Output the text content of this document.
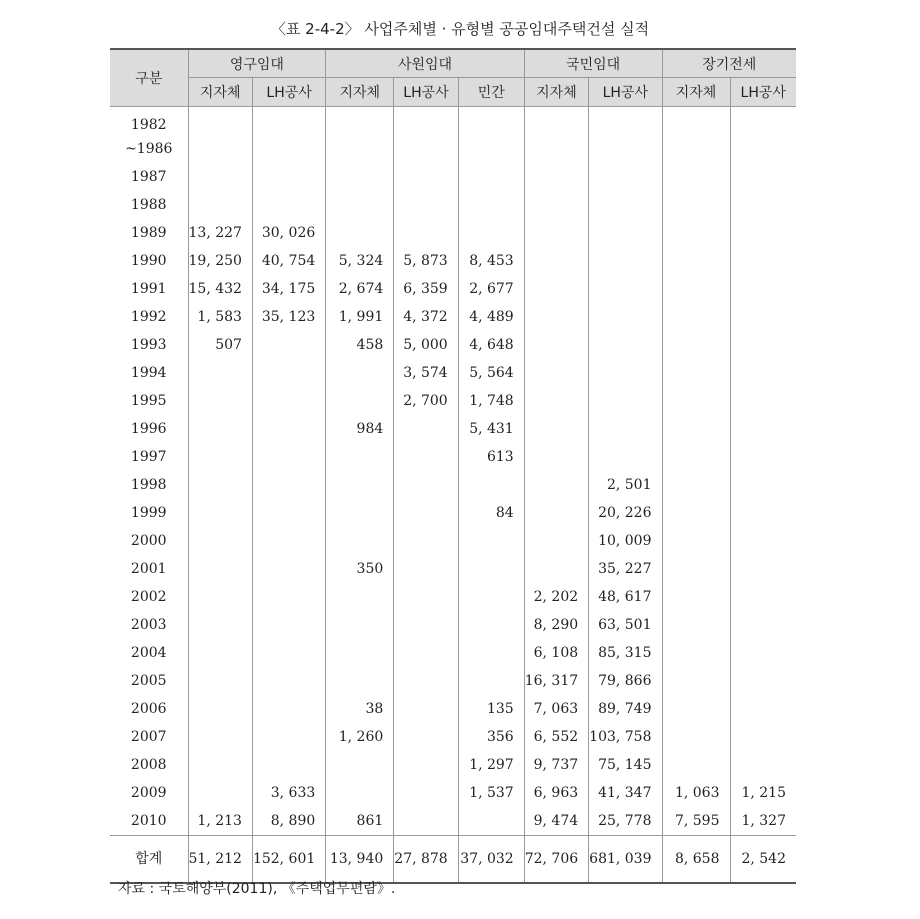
〈표 2-4-2〉 사업주체별 · 유형별 공공임대주택건설 실적
구분	영구임대		사원임대			국민임대		장기전세	
	지자체	LH공사	지자체	LH공사	민간	지자체	LH공사	지자체	LH공사
1982
~1986									
1987									
1988									
1989	13, 227	30, 026							
1990	19, 250	40, 754	5, 324	5, 873	8, 453				
1991	15, 432	34, 175	2, 674	6, 359	2, 677				
1992	1, 583	35, 123	1, 991	4, 372	4, 489				
1993	507		458	5, 000	4, 648				
1994				3, 574	5, 564				
1995				2, 700	1, 748				
1996			984		5, 431				
1997					613				
1998							2, 501		
1999					84		20, 226		
2000							10, 009		
2001			350				35, 227		
2002						2, 202	48, 617		
2003						8, 290	63, 501		
2004						6, 108	85, 315		
2005						16, 317	79, 866		
2006			38		135	7, 063	89, 749		
2007			1, 260		356	6, 552	103, 758		
2008					1, 297	9, 737	75, 145		
2009		3, 633			1, 537	6, 963	41, 347	1, 063	1, 215
2010	1, 213	8, 890	861			9, 474	25, 778	7, 595	1, 327
합계	51, 212	152, 601	13, 940	27, 878	37, 032	72, 706	681, 039	8, 658	2, 542
자료 : 국토해양부(2011), 《주택업무편람》.
